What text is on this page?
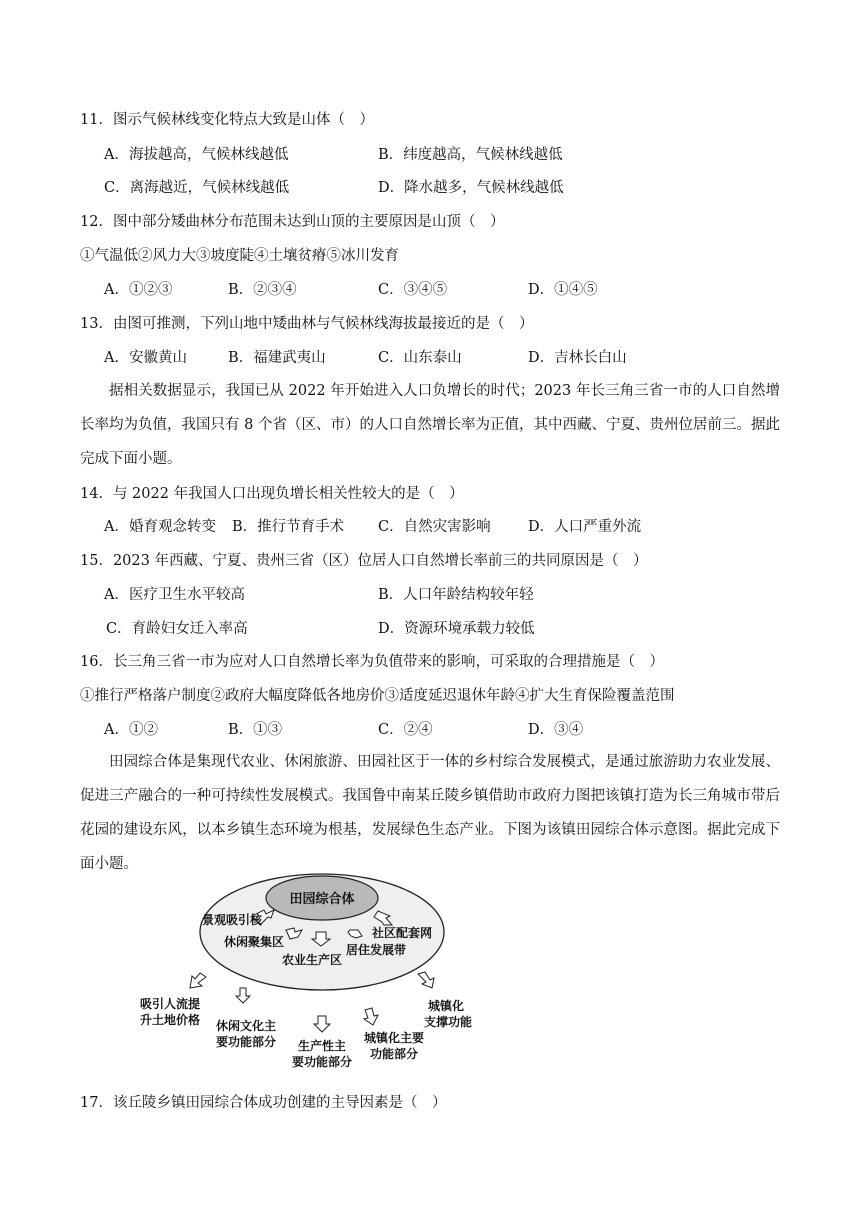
11．图示气候林线变化特点大致是山体（　）
A．海拔越高，气候林线越低	B．纬度越高，气候林线越低
C．离海越近，气候林线越低	D．降水越多，气候林线越低
12．图中部分矮曲林分布范围未达到山顶的主要原因是山顶（　）
①气温低②风力大③坡度陡④土壤贫瘠⑤冰川发育
A．①②③	B．②③④	C．③④⑤	D．①④⑤
13．由图可推测，下列山地中矮曲林与气候林线海拔最接近的是（　）
A．安徽黄山	B．福建武夷山	C．山东泰山	D．吉林长白山
据相关数据显示，我国已从 2022 年开始进入人口负增长的时代；2023 年长三角三省一市的人口自然增长率均为负值，我国只有 8 个省（区、市）的人口自然增长率为正值，其中西藏、宁夏、贵州位居前三。据此完成下面小题。
14．与 2022 年我国人口出现负增长相关性较大的是（　）
A．婚育观念转变 B．推行节育手术 C．自然灾害影响	D．人口严重外流
15．2023 年西藏、宁夏、贵州三省（区）位居人口自然增长率前三的共同原因是（　）
A．医疗卫生水平较高	B．人口年龄结构较年轻
C．育龄妇女迁入率高	D．资源环境承载力较低
16．长三角三省一市为应对人口自然增长率为负值带来的影响，可采取的合理措施是（　）
①推行严格落户制度②政府大幅度降低各地房价③适度延迟退休年龄④扩大生育保险覆盖范围
A．①②	B．①③	C．②④	D．③④
田园综合体是集现代农业、休闲旅游、田园社区于一体的乡村综合发展模式，是通过旅游助力农业发展、促进三产融合的一种可持续性发展模式。我国鲁中南某丘陵乡镇借助市政府力图把该镇打造为长三角城市带后花园的建设东风，以本乡镇生态环境为根基，发展绿色生态产业。下图为该镇田园综合体示意图。据此完成下面小题。
田园综合体
景观吸引核
社区配套网
休闲聚集区
居住发展带
农业生产区
吸引人流提
升土地价格 休闲文化主
要功能部分 生产性主
要功能部分
城镇化主要
功能部分
城镇化
支撑功能
17．该丘陵乡镇田园综合体成功创建的主导因素是（　）
